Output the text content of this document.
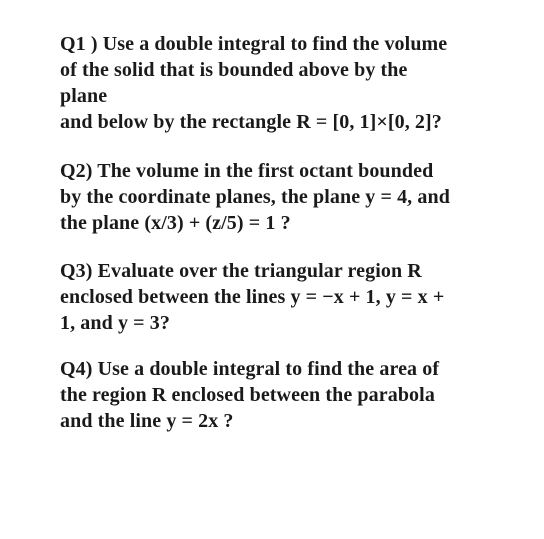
Q1 ) Use a double integral to find the volume
of the solid that is bounded above by the
plane
and below by the rectangle R = [0, 1]×[0, 2]?
Q2) The volume in the first octant bounded
by the coordinate planes, the plane y = 4, and
the plane (x/3) + (z/5) = 1 ?
Q3) Evaluate over the triangular region R
enclosed between the lines y = −x + 1, y = x +
1, and y = 3?
Q4) Use a double integral to find the area of
the region R enclosed between the parabola
and the line y = 2x ?
